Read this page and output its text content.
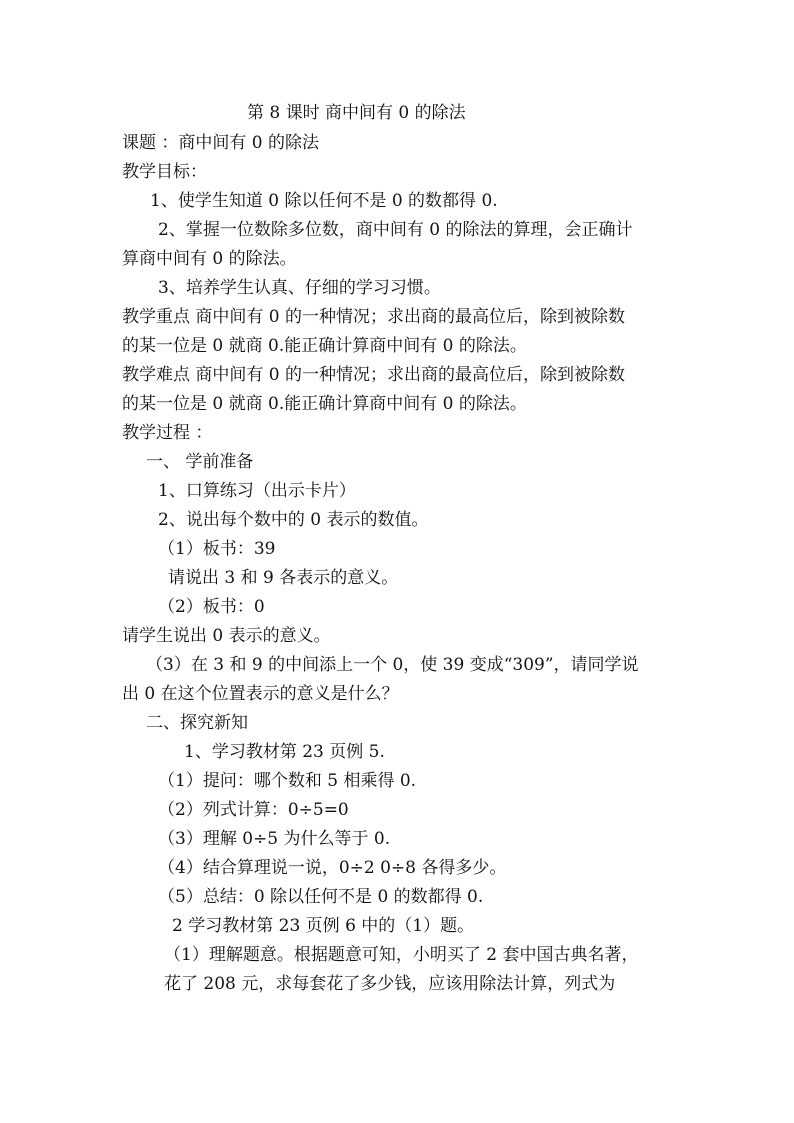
第 8 课时 商中间有 0 的除法
课题 ：商中间有 0 的除法
教学目标：
1、使学生知道 0 除以任何不是 0 的数都得 0.
2、掌握一位数除多位数，商中间有 0 的除法的算理，会正确计
算商中间有 0 的除法。
3、培养学生认真、仔细的学习习惯。
教学重点 商中间有 0 的一种情况；求出商的最高位后，除到被除数
的某一位是 0 就商 0.能正确计算商中间有 0 的除法。
教学难点 商中间有 0 的一种情况；求出商的最高位后，除到被除数
的某一位是 0 就商 0.能正确计算商中间有 0 的除法。
教学过程 ：
一、 学前准备
1、口算练习（出示卡片）
2、说出每个数中的 0 表示的数值。
（1）板书：39
请说出 3 和 9 各表示的意义。
（2）板书：0
请学生说出 0 表示的意义。
（3）在 3 和 9 的中间添上一个 0，使 39 变成“309”，请同学说
出 0 在这个位置表示的意义是什么？
二、探究新知
1、学习教材第 23 页例 5.
（1）提问：哪个数和 5 相乘得 0.
（2）列式计算：0÷5=0
（3）理解 0÷5 为什么等于 0.
（4）结合算理说一说，0÷2 0÷8 各得多少。
（5）总结：0 除以任何不是 0 的数都得 0.
2 学习教材第 23 页例 6 中的（1）题。
（1）理解题意。根据题意可知，小明买了 2 套中国古典名著，
花了 208 元，求每套花了多少钱，应该用除法计算，列式为
